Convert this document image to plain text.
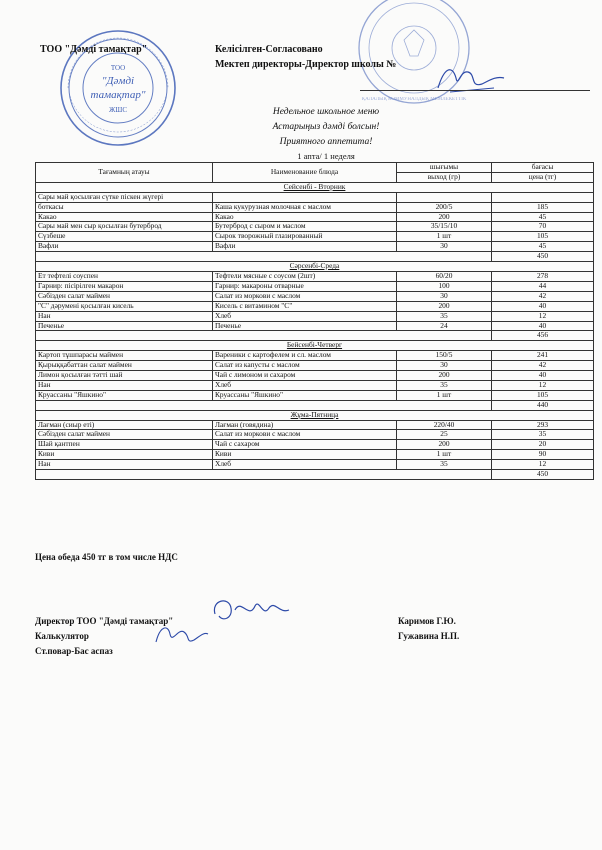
ТОО
"Дәмді
тамақтар"
ЖШС
ҚАЛАЛЫҚ КОММУНАЛДЫҚ МЕМЛЕКЕТТІК
ТОО "Дәмді тамақтар"	Келісілген-Согласовано
Мектеп директоры-Директор школы №
Недельное школьное меню
Астарыңыз дәмді болсын!
Приятного аппетита!
1 апта/ 1 неделя
Тағамның атауы	Наименование блюда	шығымы	бағасы
		выход (гр)	цена (тг)
Сейсенбі - Вторник			
Сары май қосылған сүтке піскен жүгері			
боткасы	Каша кукурузная молочная с маслом	200/5	185
Какао	Какао	200	45
Сары май мен сыр қосылған бутерброд	Бутерброд с сыром и маслом	35/15/10	70
Сүзбеше	Сырок творожный глазированный	1 шт	105
Вафли	Вафли	30	45
			450
Сәрсенбі-Среда			
Ет тефтелі соуспен	Тефтели мясные с соусом (2шт)	60/20	278
Гарнир: пісірілген макарон	Гарнир: макароны отварные	100	44
Сәбізден салат маймен	Салат из моркови с маслом	30	42
"С" дәрумені қосылған кисель	Кисель с витамином "С"	200	40
Нан	Хлеб	35	12
Печенье	Печенье	24	40
			456
Бейсенбі-Четверг			
Картоп тұшпарасы маймен	Вареники с картофелем и сл. маслом	150/5	241
Қырыққабаттан салат маймен	Салат из капусты с маслом	30	42
Лимон қосылған тәтті шай	Чай с лимоном и сахаром	200	40
Нан	Хлеб	35	12
Круассаны "Яшкино"	Круассаны "Яшкино"	1 шт	105
			440
Жұма-Пятница			
Лағман (сиыр еті)	Лағман (говядина)	220/40	293
Сәбізден салат маймен	Салат из моркови с маслом	25	35
Шай қантпен	Чай с сахаром	200	20
Киви	Киви	1 шт	90
Нан	Хлеб	35	12
			450
Цена обеда 450 тг в том числе НДС
Директор ТОО "Дәмді тамақтар"	Каримов Г.Ю.
Калькулятор	Гужавина Н.П.
Ст.повар-Бас аспаз
